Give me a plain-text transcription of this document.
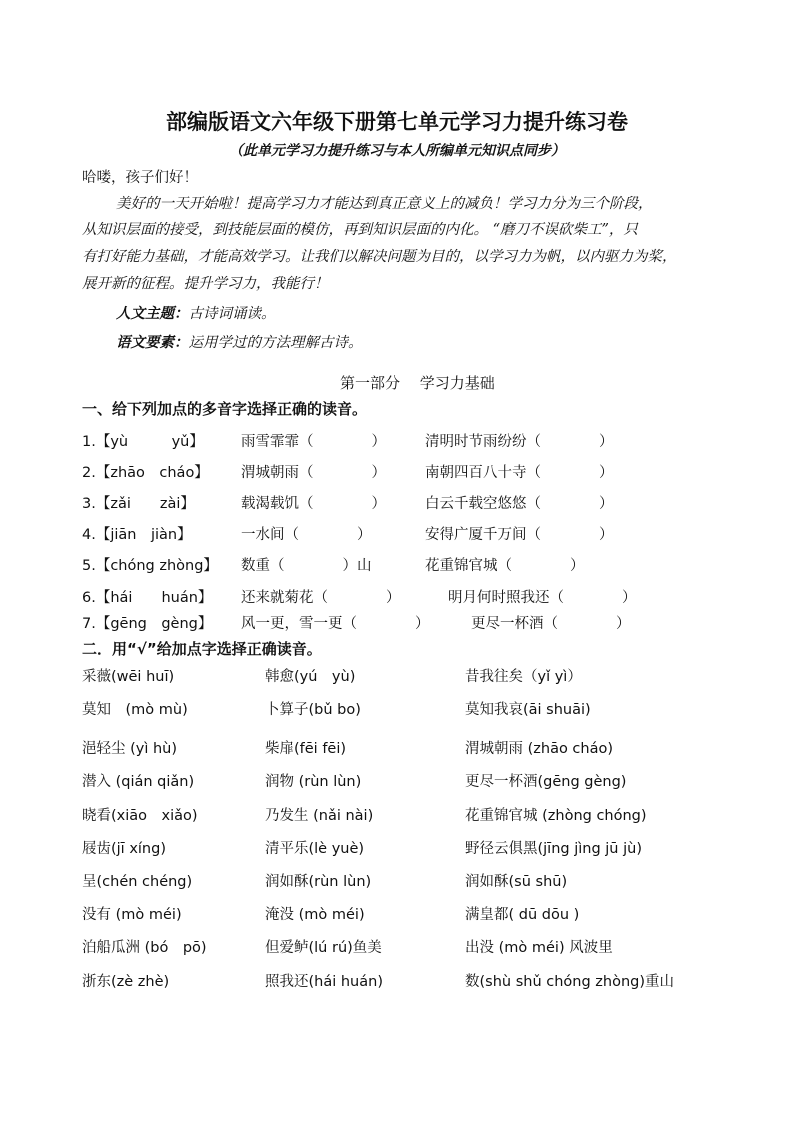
部编版语文六年级下册第七单元学习力提升练习卷
（此单元学习力提升练习与本人所编单元知识点同步）
哈喽，孩子们好！
美好的一天开始啦！提高学习力才能达到真正意义上的减负！学习力分为三个阶段，
从知识层面的接受，到技能层面的模仿，再到知识层面的内化。 “磨刀不误砍柴工”，只
有打好能力基础，才能高效学习。让我们以解决问题为目的，以学习力为帆，以内驱力为桨，
展开新的征程。提升学习力，我能行！
人文主题：古诗词诵读。
语文要素：运用学过的方法理解古诗。
第一部分　 学习力基础
一、给下列加点的多音字选择正确的读音。
1.【yù　　　yǔ】	雨雪霏霏（　　　　）	清明时节雨纷纷（　　　　）
2.【zhāo　cháo】 渭城朝雨（　　　　）	南朝四百八十寺（　　　　）
3.【zǎi　　zài】	载渴载饥（　　　　）	白云千载空悠悠（　　　　）
4.【jiān　jiàn】	一水间（　　　　）	安得广厦千万间（　　　　）
5.【chóng zhòng】 数重（　　　　）山	花重锦官城（　　　　）
6.【hái　　huán】 还来就菊花（　　　　）	明月何时照我还（　　　　）
7.【gēng　gèng】 风一更，雪一更（　　　　）	更尽一杯酒（　　　　）
二．用“√”给加点字选择正确读音。
采薇(wēi huī)	韩愈(yú　yù)	昔我往矣（yǐ yì）
莫知　(mò mù)	卜算子(bǔ bo)	莫知我哀(āi shuāi)
浥轻尘 (yì hù)	柴扉(fēi fēi)	渭城朝雨 (zhāo cháo)
潜入 (qián qiǎn)	润物 (rùn lùn)	更尽一杯酒(gēng gèng)
晓看(xiāo　xiǎo)	乃发生 (nǎi nài)	花重锦官城 (zhòng chóng)
屐齿(jī xíng)	清平乐(lè yuè)	野径云俱黑(jīng jìng jū jù)
呈(chén chéng)	润如酥(rùn lùn)	润如酥(sū shū)
没有 (mò méi)	淹没 (mò méi)	满皇都( dū dōu )
泊船瓜洲 (bó　pō)	但爱鲈(lú rú)鱼美	出没 (mò méi) 风波里
浙东(zè zhè)	照我还(hái huán)	数(shù shǔ chóng zhòng)重山
